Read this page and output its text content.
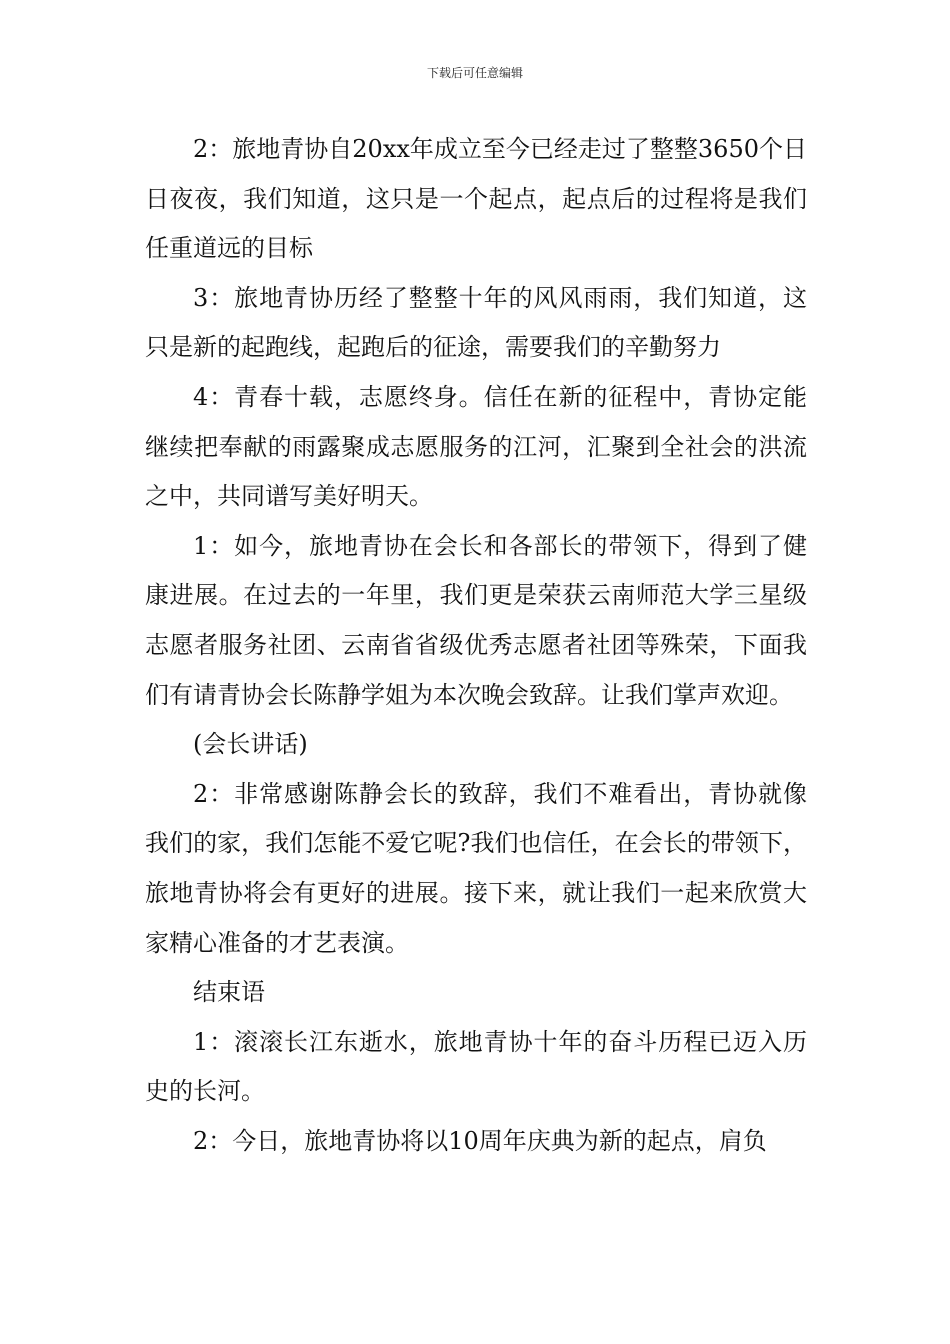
下载后可任意编辑

2：旅地青协自20xx年成立至今已经走过了整整3650个日日夜夜，我们知道，这只是一个起点，起点后的过程将是我们任重道远的目标

3：旅地青协历经了整整十年的风风雨雨，我们知道，这只是新的起跑线，起跑后的征途，需要我们的辛勤努力

4：青春十载，志愿终身。信任在新的征程中，青协定能继续把奉献的雨露聚成志愿服务的江河，汇聚到全社会的洪流之中，共同谱写美好明天。

1：如今，旅地青协在会长和各部长的带领下，得到了健康进展。在过去的一年里，我们更是荣获云南师范大学三星级志愿者服务社团、云南省省级优秀志愿者社团等殊荣，下面我们有请青协会长陈静学姐为本次晚会致辞。让我们掌声欢迎。

(会长讲话)

2：非常感谢陈静会长的致辞，我们不难看出，青协就像我们的家，我们怎能不爱它呢?我们也信任，在会长的带领下，旅地青协将会有更好的进展。接下来，就让我们一起来欣赏大家精心准备的才艺表演。

结束语

1：滚滚长江东逝水，旅地青协十年的奋斗历程已迈入历史的长河。

2：今日，旅地青协将以10周年庆典为新的起点，肩负
